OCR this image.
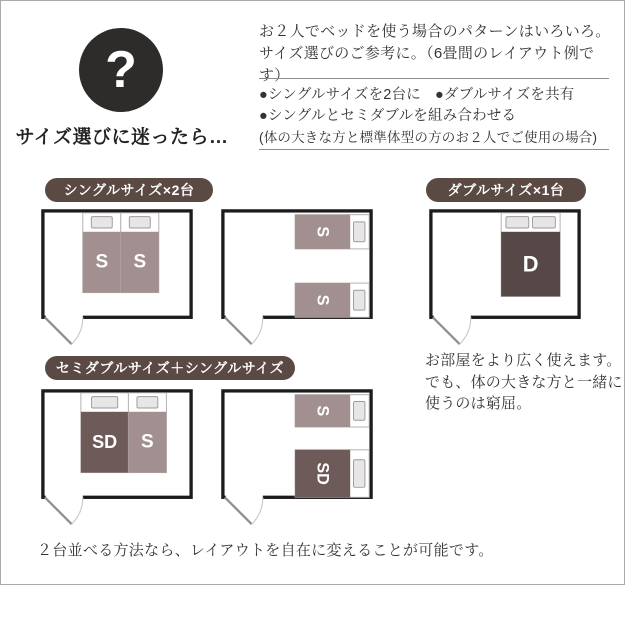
?
サイズ選びに迷ったら…
お２人でベッドを使う場合のパターンはいろいろ。
サイズ選びのご参考に。（6畳間のレイアウト例です）
●シングルサイズを2台に ●ダブルサイズを共有
●シングルとセミダブルを組み合わせる
(体の大きな方と標準体型の方のお２人でご使用の場合)
シングルサイズ×2台	ダブルサイズ×1台
セミダブルサイズ＋シングルサイズ
S S
S
S
D
SD S
S
SD
お部屋をより広く使えます。
でも、体の大きな方と一緒に
使うのは窮屈。
２台並べる方法なら、レイアウトを自在に変えることが可能です。
